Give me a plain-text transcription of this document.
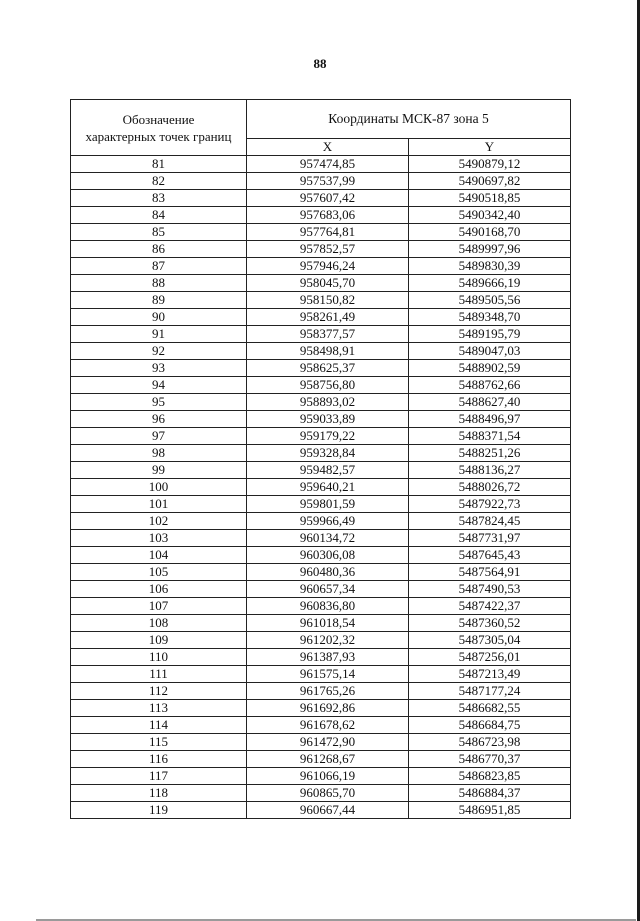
88
Обозначение
характерных точек границ	Координаты МСК-87 зона 5	
	X	Y
81	957474,85	5490879,12
82	957537,99	5490697,82
83	957607,42	5490518,85
84	957683,06	5490342,40
85	957764,81	5490168,70
86	957852,57	5489997,96
87	957946,24	5489830,39
88	958045,70	5489666,19
89	958150,82	5489505,56
90	958261,49	5489348,70
91	958377,57	5489195,79
92	958498,91	5489047,03
93	958625,37	5488902,59
94	958756,80	5488762,66
95	958893,02	5488627,40
96	959033,89	5488496,97
97	959179,22	5488371,54
98	959328,84	5488251,26
99	959482,57	5488136,27
100	959640,21	5488026,72
101	959801,59	5487922,73
102	959966,49	5487824,45
103	960134,72	5487731,97
104	960306,08	5487645,43
105	960480,36	5487564,91
106	960657,34	5487490,53
107	960836,80	5487422,37
108	961018,54	5487360,52
109	961202,32	5487305,04
110	961387,93	5487256,01
111	961575,14	5487213,49
112	961765,26	5487177,24
113	961692,86	5486682,55
114	961678,62	5486684,75
115	961472,90	5486723,98
116	961268,67	5486770,37
117	961066,19	5486823,85
118	960865,70	5486884,37
119	960667,44	5486951,85
